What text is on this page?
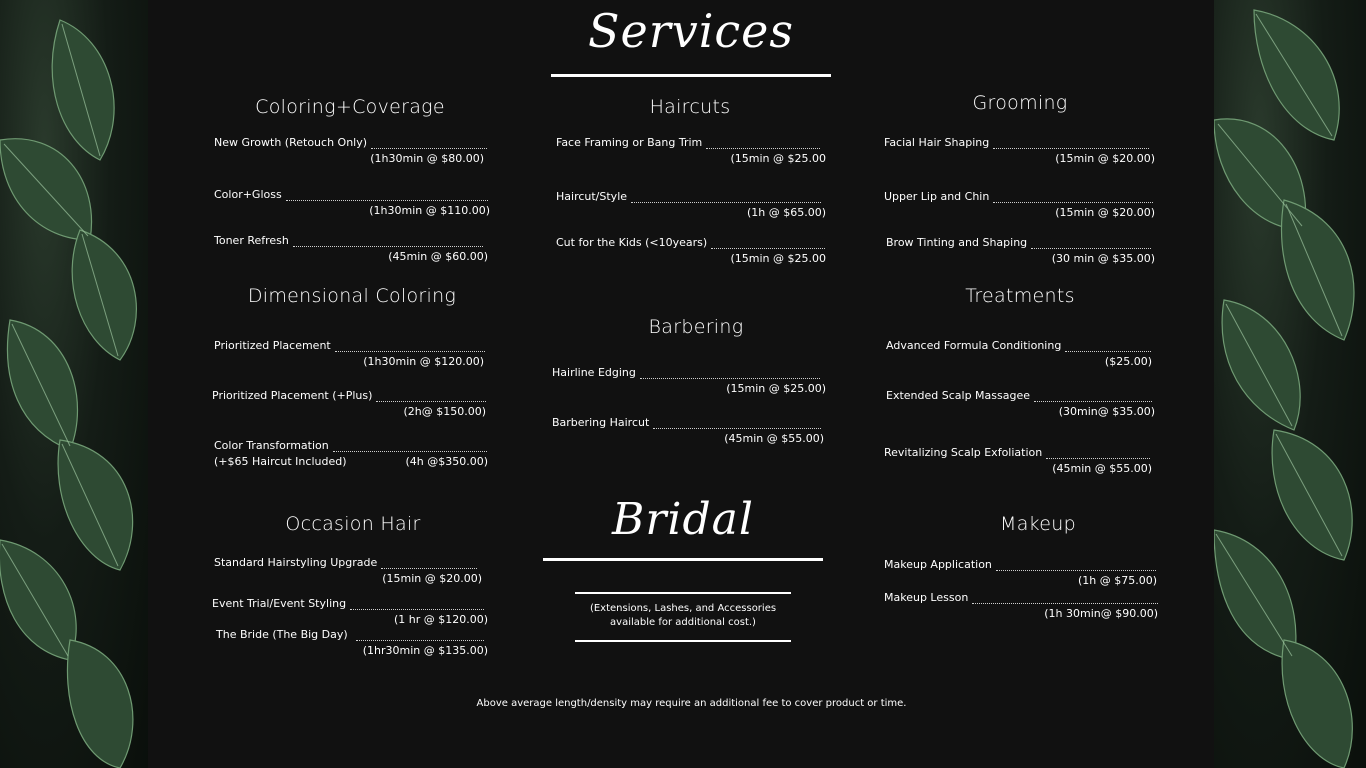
Services
Coloring+Coverage
New Growth (Retouch Only)
(1h30min @ $80.00)
Color+Gloss
(1h30min @ $110.00)
Toner Refresh
(45min @ $60.00)
Haircuts
Face Framing or Bang Trim
(15min @ $25.00
Haircut/Style
(1h @ $65.00)
Cut for the Kids (<10years)
(15min @ $25.00
Grooming
Facial Hair Shaping
(15min @ $20.00)
Upper Lip and Chin
(15min @ $20.00)
Brow Tinting and Shaping
(30 min @ $35.00)
Dimensional Coloring
Prioritized Placement
(1h30min @ $120.00)
Prioritized Placement (+Plus)
(2h@ $150.00)
Color Transformation
(+$65 Haircut Included)	(4h @$350.00)
Barbering
Hairline Edging
(15min @ $25.00)
Barbering Haircut
(45min @ $55.00)
Treatments
Advanced Formula Conditioning
($25.00)
Extended Scalp Massagee
(30min@ $35.00)
Revitalizing Scalp Exfoliation
(45min @ $55.00)
Occasion Hair
Standard Hairstyling Upgrade
(15min @ $20.00)
Event Trial/Event Styling
(1 hr @ $120.00)
The Bride (The Big Day)
(1hr30min @ $135.00)
Bridal
(Extensions, Lashes, and Accessories
available for additional cost.)
Makeup
Makeup Application
(1h @ $75.00)
Makeup Lesson
(1h 30min@ $90.00)
Above average length/density may require an additional fee to cover product or time.
